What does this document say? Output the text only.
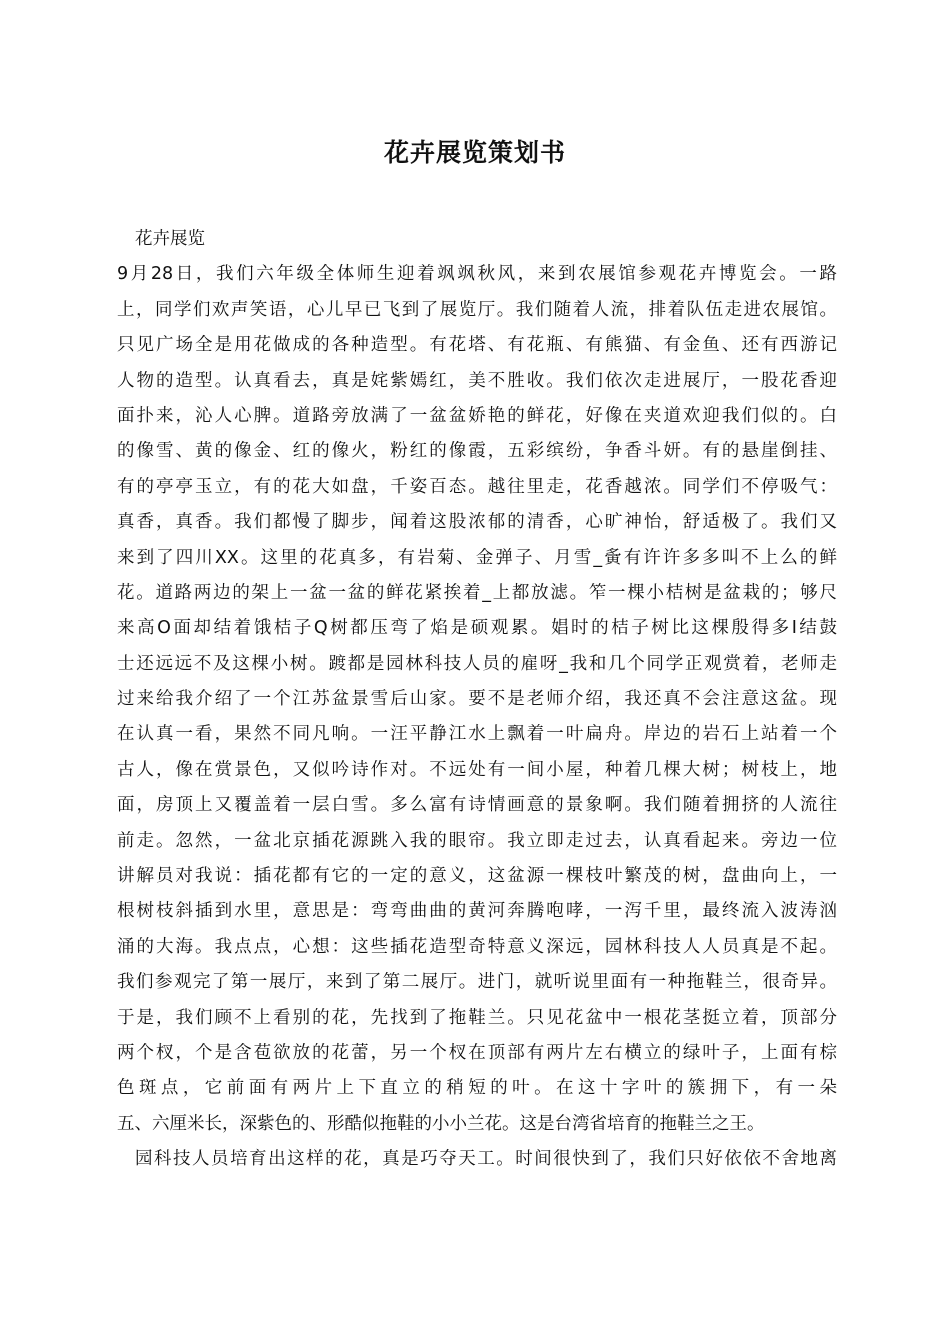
花卉展览策划书
花卉展览
9月28日，我们六年级全体师生迎着飒飒秋风，来到农展馆参观花卉博览会。一路
上，同学们欢声笑语，心儿早已飞到了展览厅。我们随着人流，排着队伍走进农展馆。
只见广场全是用花做成的各种造型。有花塔、有花瓶、有熊猫、有金鱼、还有西游记
人物的造型。认真看去，真是姹紫嫣红，美不胜收。我们依次走进展厅，一股花香迎
面扑来，沁人心脾。道路旁放满了一盆盆娇艳的鲜花，好像在夹道欢迎我们似的。白
的像雪、黄的像金、红的像火，粉红的像霞，五彩缤纷，争香斗妍。有的悬崖倒挂、
有的亭亭玉立，有的花大如盘，千姿百态。越往里走，花香越浓。同学们不停吸气：
真香，真香。我们都慢了脚步，闻着这股浓郁的清香，心旷神怡，舒适极了。我们又
来到了四川XX。这里的花真多，有岩菊、金弹子、月雪_夤有许许多多叫不上么的鲜
花。道路两边的架上一盆一盆的鲜花紧挨着_上都放滤。笮一棵小桔树是盆栽的；够尺
来高O面却结着饿桔子Q树都压弯了焰是硕观累。娼时的桔子树比这棵殷得多I结鼓
士还远远不及这棵小树。踱都是园林科技人员的雇呀_我和几个同学正观赏着，老师走
过来给我介绍了一个江苏盆景雪后山家。要不是老师介绍，我还真不会注意这盆。现
在认真一看，果然不同凡响。一汪平静江水上飘着一叶扁舟。岸边的岩石上站着一个
古人，像在赏景色，又似吟诗作对。不远处有一间小屋，种着几棵大树；树枝上，地
面，房顶上又覆盖着一层白雪。多么富有诗情画意的景象啊。我们随着拥挤的人流往
前走。忽然，一盆北京插花源跳入我的眼帘。我立即走过去，认真看起来。旁边一位
讲解员对我说：插花都有它的一定的意义，这盆源一棵枝叶繁茂的树，盘曲向上，一
根树枝斜插到水里，意思是：弯弯曲曲的黄河奔腾咆哮，一泻千里，最终流入波涛汹
涌的大海。我点点，心想：这些插花造型奇特意义深远，园林科技人人员真是不起。
我们参观完了第一展厅，来到了第二展厅。进门，就听说里面有一种拖鞋兰，很奇异。
于是，我们顾不上看别的花，先找到了拖鞋兰。只见花盆中一根花茎挺立着，顶部分
两个杈，个是含苞欲放的花蕾，另一个杈在顶部有两片左右横立的绿叶子，上面有棕
色斑点，它前面有两片上下直立的稍短的叶。在这十字叶的簇拥下，有一朵
五、六厘米长，深紫色的、形酷似拖鞋的小小兰花。这是台湾省培育的拖鞋兰之王。
园科技人员培育出这样的花，真是巧夺天工。时间很快到了，我们只好依依不舍地离
